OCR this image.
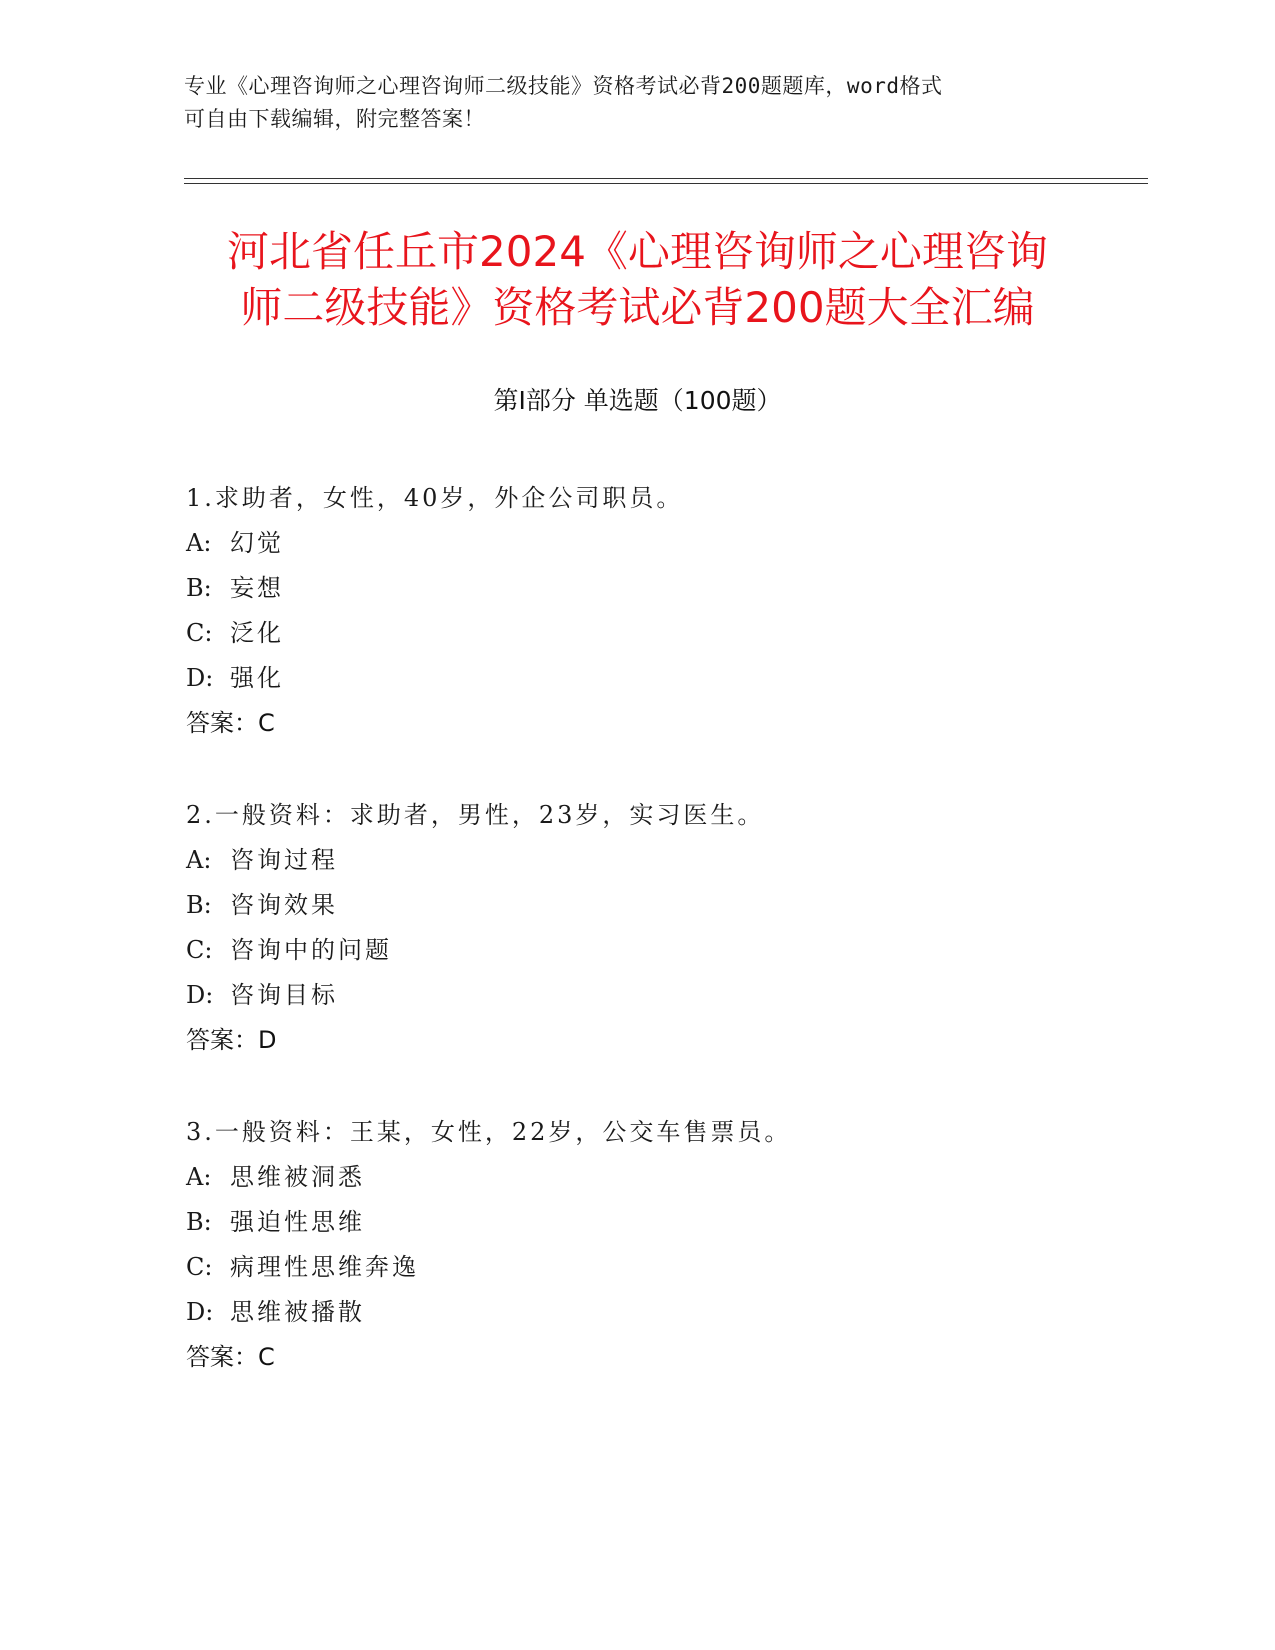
专业《心理咨询师之心理咨询师二级技能》资格考试必背200题题库，word格式
可自由下载编辑，附完整答案！
河北省任丘市2024《心理咨询师之心理咨询
师二级技能》资格考试必背200题大全汇编
第Ⅰ部分 单选题（100题）
1.求助者，女性，40岁，外企公司职员。
A: 幻觉
B: 妄想
C: 泛化
D: 强化
答案：C
2.一般资料：求助者，男性，23岁，实习医生。
A: 咨询过程
B: 咨询效果
C: 咨询中的问题
D: 咨询目标
答案：D
3.一般资料：王某，女性，22岁，公交车售票员。
A: 思维被洞悉
B: 强迫性思维
C: 病理性思维奔逸
D: 思维被播散
答案：C
